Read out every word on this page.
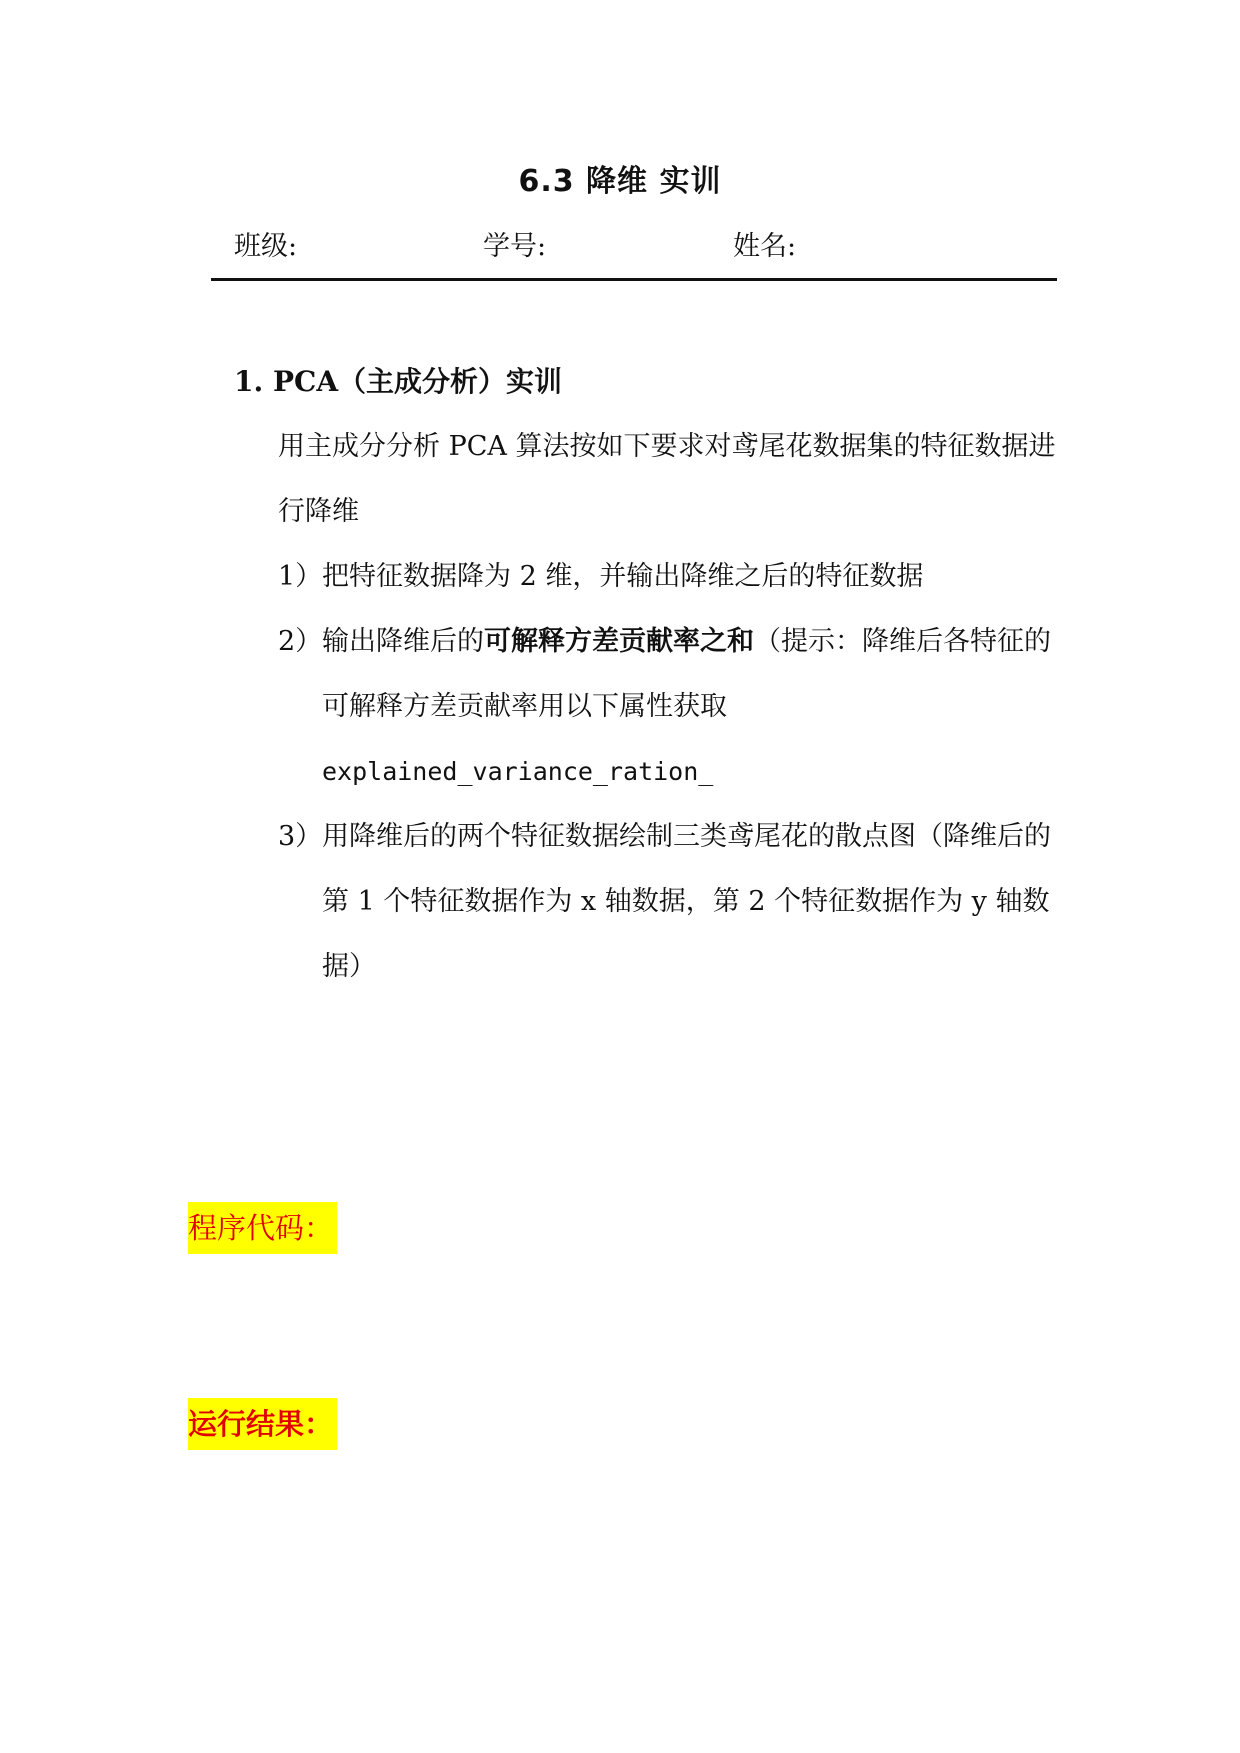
6.3 降维 实训
班级:	学号:	姓名:
1. PCA（主成分析）实训
用主成分分析 PCA 算法按如下要求对鸢尾花数据集的特征数据进行降维
1） 把特征数据降为 2 维，并输出降维之后的特征数据
2） 输出降维后的可解释方差贡献率之和（提示：降维后各特征的可解释方差贡献率用以下属性获取
explained_variance_ration_
3） 用降维后的两个特征数据绘制三类鸢尾花的散点图（降维后的第 1 个特征数据作为 x 轴数据，第 2 个特征数据作为 y 轴数据）
程序代码：
运行结果：
